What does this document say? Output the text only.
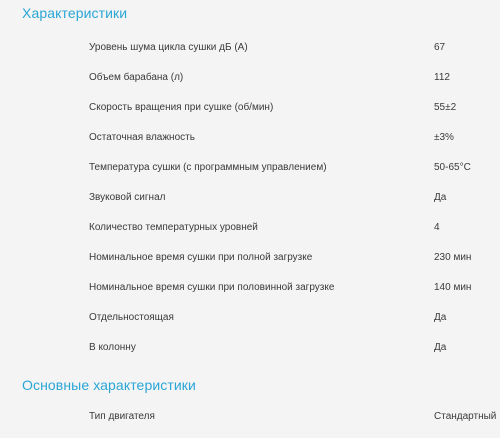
Характеристики
Уровень шума цикла сушки дБ (А)	67
Объем барабана (л)	112
Скорость вращения при сушке (об/мин)	55±2
Остаточная влажность	±3%
Температура сушки (с программным управлением)	50-65°C
Звуковой сигнал	Да
Количество температурных уровней	4
Номинальное время сушки при полной загрузке	230 мин
Номинальное время сушки при половинной загрузке	140 мин
Отдельностоящая	Да
В колонну	Да
Основные характеристики
Тип двигателя	Стандартный
